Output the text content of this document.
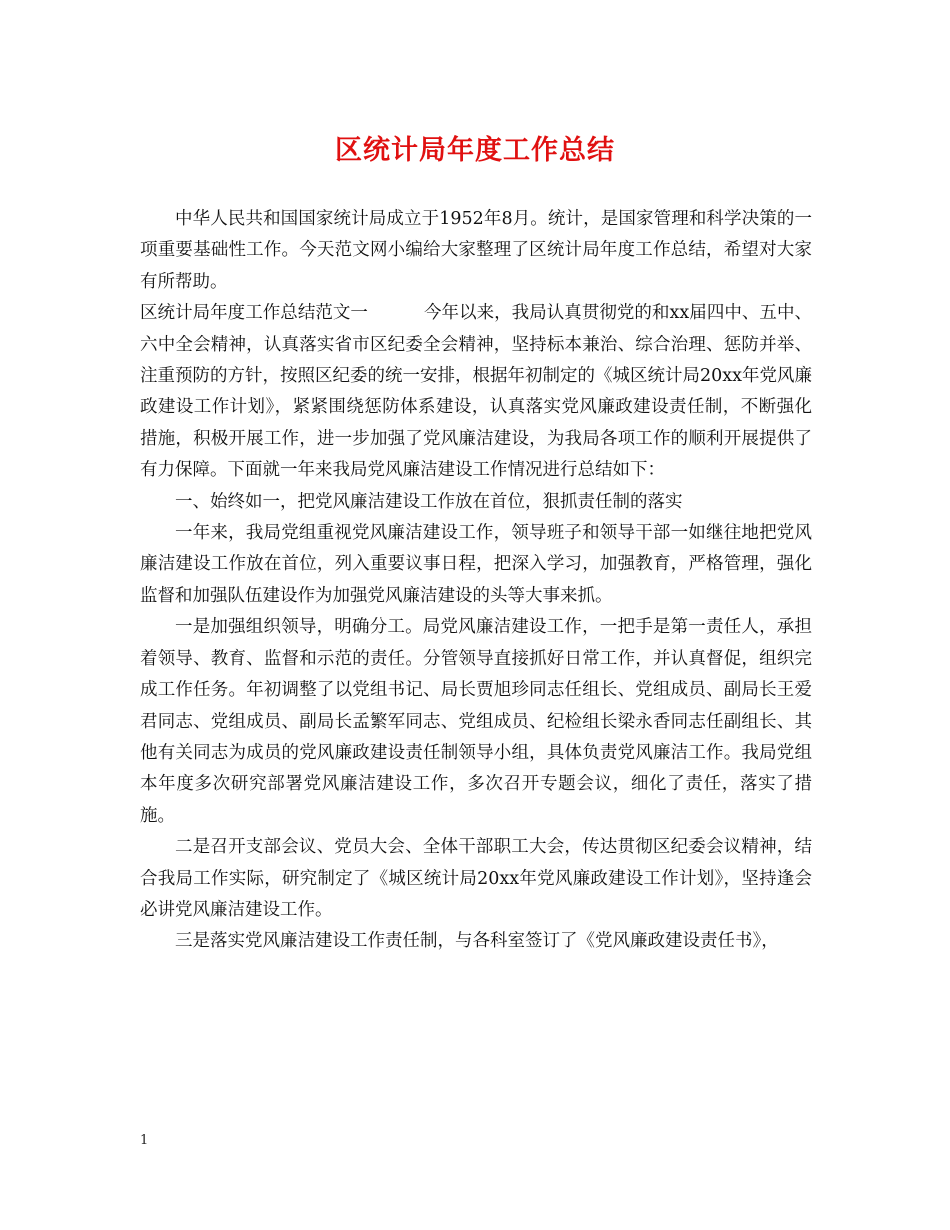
区统计局年度工作总结

中华人民共和国国家统计局成立于1952年8月。统计，是国家管理和科学决策的一项重要基础性工作。今天范文网小编给大家整理了区统计局年度工作总结，希望对大家有所帮助。

区统计局年度工作总结范文一	今年以来，我局认真贯彻党的和xx届四中、五中、六中全会精神，认真落实省市区纪委全会精神，坚持标本兼治、综合治理、惩防并举、注重预防的方针，按照区纪委的统一安排，根据年初制定的《城区统计局20xx年党风廉政建设工作计划》，紧紧围绕惩防体系建设，认真落实党风廉政建设责任制，不断强化措施，积极开展工作，进一步加强了党风廉洁建设，为我局各项工作的顺利开展提供了有力保障。下面就一年来我局党风廉洁建设工作情况进行总结如下：

一、始终如一，把党风廉洁建设工作放在首位，狠抓责任制的落实

一年来，我局党组重视党风廉洁建设工作，领导班子和领导干部一如继往地把党风廉洁建设工作放在首位，列入重要议事日程，把深入学习，加强教育，严格管理，强化监督和加强队伍建设作为加强党风廉洁建设的头等大事来抓。

一是加强组织领导，明确分工。局党风廉洁建设工作，一把手是第一责任人，承担着领导、教育、监督和示范的责任。分管领导直接抓好日常工作，并认真督促，组织完成工作任务。年初调整了以党组书记、局长贾旭珍同志任组长、党组成员、副局长王爱君同志、党组成员、副局长孟繁军同志、党组成员、纪检组长梁永香同志任副组长、其他有关同志为成员的党风廉政建设责任制领导小组，具体负责党风廉洁工作。我局党组本年度多次研究部署党风廉洁建设工作，多次召开专题会议，细化了责任，落实了措施。

二是召开支部会议、党员大会、全体干部职工大会，传达贯彻区纪委会议精神，结合我局工作实际，研究制定了《城区统计局20xx年党风廉政建设工作计划》，坚持逢会必讲党风廉洁建设工作。

三是落实党风廉洁建设工作责任制，与各科室签订了《党风廉政建设责任书》，

1
